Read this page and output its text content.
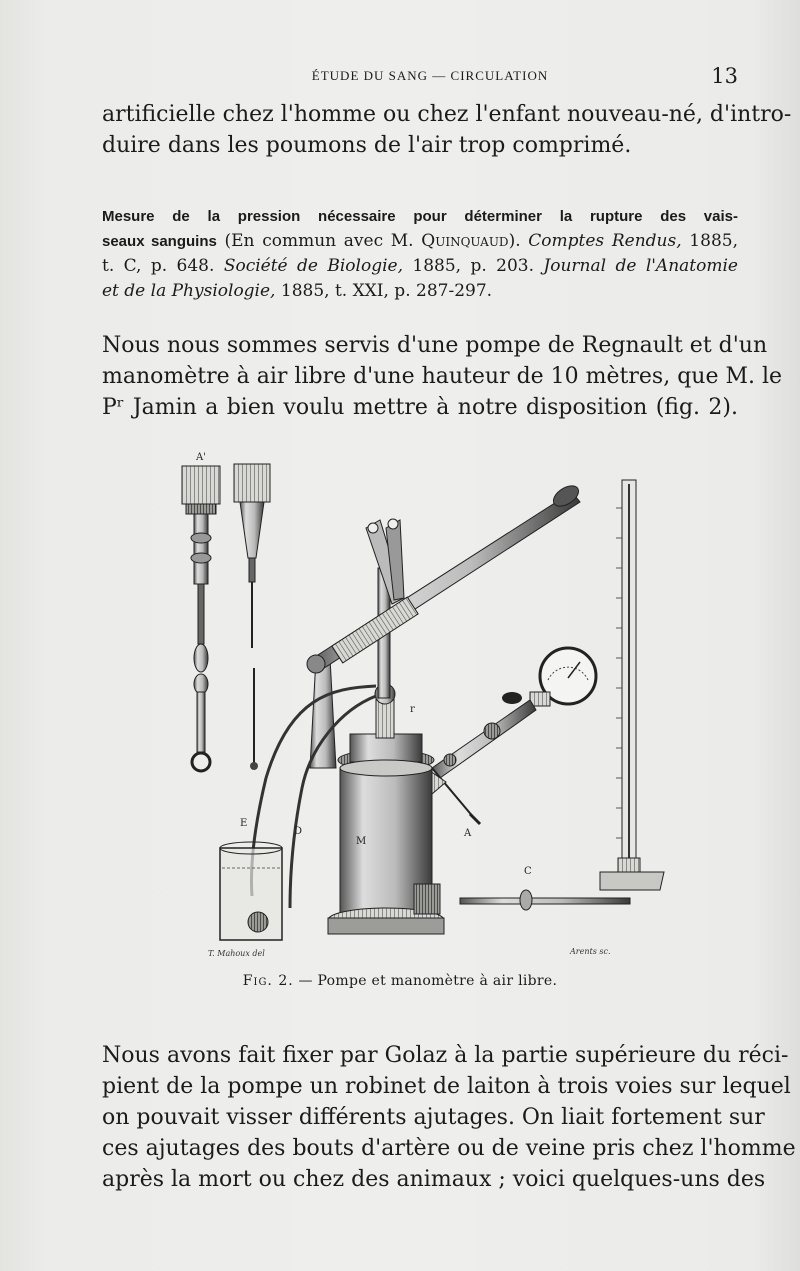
ÉTUDE DU SANG — CIRCULATION	13
artificielle chez l'homme ou chez l'enfant nouveau-né, d'intro-
duire dans les poumons de l'air trop comprimé.
Mesure de la pression nécessaire pour déterminer la rupture des vais-
seaux sanguins (En commun avec M. Quinquaud). Comptes Rendus, 1885,
t. C, p. 648. Société de Biologie, 1885, p. 203. Journal de l'Anatomie
et de la Physiologie, 1885, t. XXI, p. 287-297.
Nous nous sommes servis d'une pompe de Regnault et d'un
manomètre à air libre d'une hauteur de 10 mètres, que M. le
Pʳ Jamin a bien voulu mettre à notre disposition (fig. 2).
A'
E
D
M
r
A
C
T. Mahoux del	Arents sc.
Fig. 2. — Pompe et manomètre à air libre.
Nous avons fait fixer par Golaz à la partie supérieure du réci-
pient de la pompe un robinet de laiton à trois voies sur lequel
on pouvait visser différents ajutages. On liait fortement sur
ces ajutages des bouts d'artère ou de veine pris chez l'homme
après la mort ou chez des animaux ; voici quelques-uns des
